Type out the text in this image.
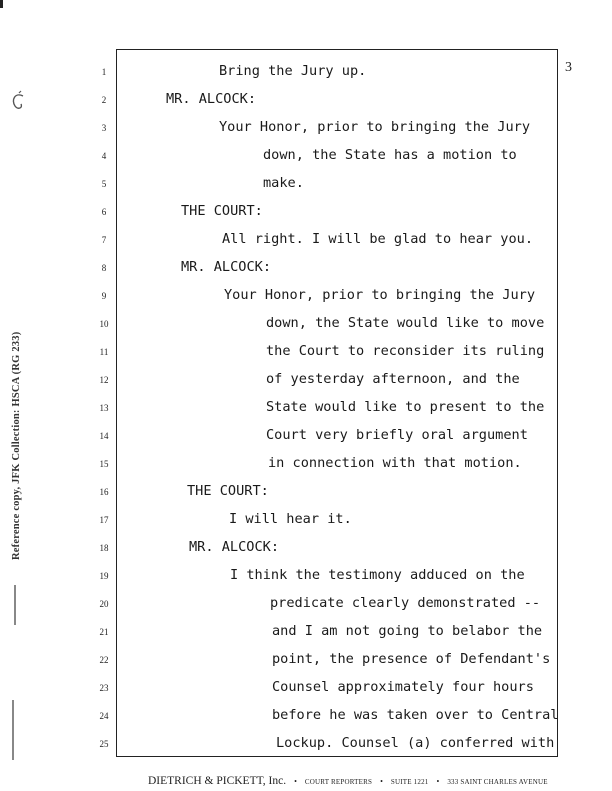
Reference copy, JFK Collection: HSCA (RG 233)
3
1	Bring the Jury up.
2	MR. ALCOCK:
3	Your Honor, prior to bringing the Jury
4	down, the State has a motion to
5	make.
6	THE COURT:
7	All right. I will be glad to hear you.
8	MR. ALCOCK:
9	Your Honor, prior to bringing the Jury
10	down, the State would like to move
11	the Court to reconsider its ruling
12	of yesterday afternoon, and the
13	State would like to present to the
14	Court very briefly oral argument
15	in connection with that motion.
16	THE COURT:
17	I will hear it.
18	MR. ALCOCK:
19	I think the testimony adduced on the
20	predicate clearly demonstrated --
21	and I am not going to belabor the
22	point, the presence of Defendant's
23	Counsel approximately four hours
24	before he was taken over to Central
25	Lockup. Counsel (a) conferred with
DIETRICH & PICKETT, Inc. • COURT REPORTERS • SUITE 1221 • 333 SAINT CHARLES AVENUE
